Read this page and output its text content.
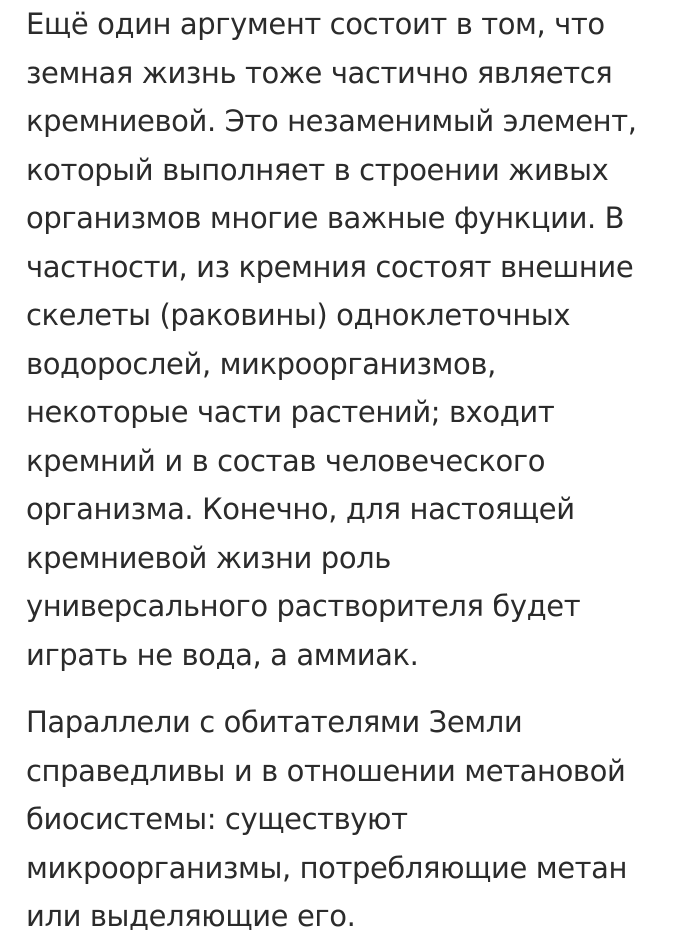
Ещё один аргумент состоит в том, что
земная жизнь тоже частично является
кремниевой. Это незаменимый элемент,
который выполняет в строении живых
организмов многие важные функции. В
частности, из кремния состоят внешние
скелеты (раковины) одноклеточных
водорослей, микроорганизмов,
некоторые части растений; входит
кремний и в состав человеческого
организма. Конечно, для настоящей
кремниевой жизни роль
универсального растворителя будет
играть не вода, а аммиак.

Параллели с обитателями Земли
справедливы и в отношении метановой
биосистемы: существуют
микроорганизмы, потребляющие метан
или выделяющие его.
